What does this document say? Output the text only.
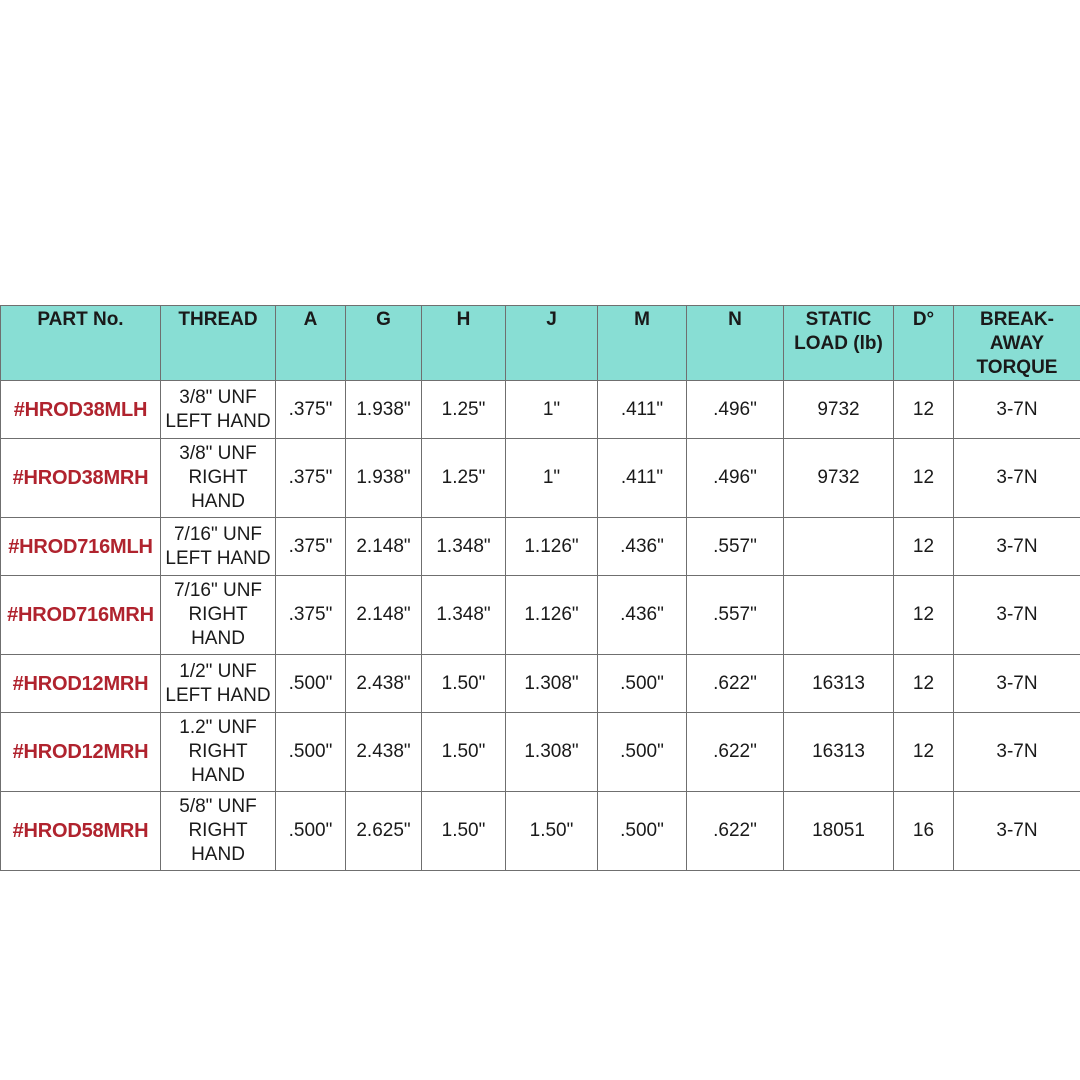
PART No.	THREAD	A	G	H	J	M	N	STATIC
LOAD (lb)	D°	BREAK-AWAY
TORQUE

#HROD38MLH	3/8" UNF
LEFT HAND	.375"	1.938"	1.25"	1"	.411"	.496"	9732	12	3-7N
#HROD38MRH	3/8" UNF
RIGHT
HAND	.375"	1.938"	1.25"	1"	.411"	.496"	9732	12	3-7N
#HROD716MLH	7/16" UNF
LEFT HAND	.375"	2.148"	1.348"	1.126"	.436"	.557"		12	3-7N
#HROD716MRH	7/16" UNF
RIGHT
HAND	.375"	2.148"	1.348"	1.126"	.436"	.557"		12	3-7N
#HROD12MRH	1/2" UNF
LEFT HAND	.500"	2.438"	1.50"	1.308"	.500"	.622"	16313	12	3-7N
#HROD12MRH	1.2" UNF
RIGHT
HAND	.500"	2.438"	1.50"	1.308"	.500"	.622"	16313	12	3-7N
#HROD58MRH	5/8" UNF
RIGHT
HAND	.500"	2.625"	1.50"	1.50"	.500"	.622"	18051	16	3-7N
